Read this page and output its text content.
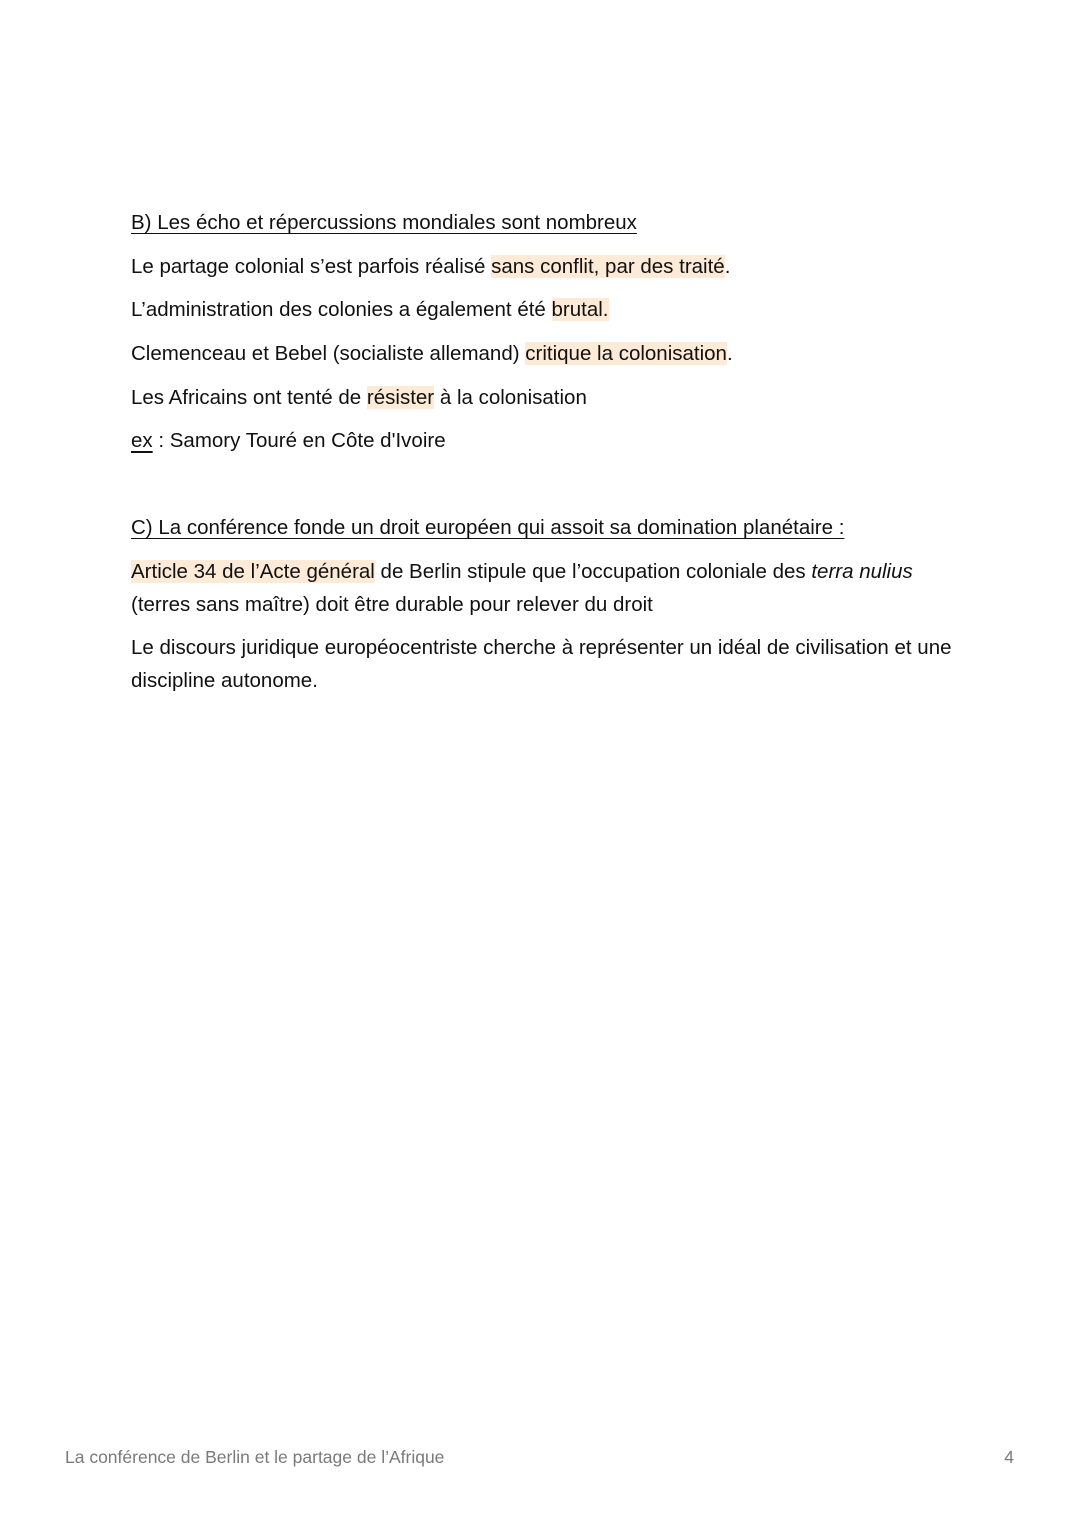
B) Les écho et répercussions mondiales sont nombreux
Le partage colonial s’est parfois réalisé sans conflit, par des traité.
L’administration des colonies a également été brutal.
Clemenceau et Bebel (socialiste allemand) critique la colonisation.
Les Africains ont tenté de résister à la colonisation
ex : Samory Touré en Côte d'Ivoire
C) La conférence fonde un droit européen qui assoit sa domination planétaire :
Article 34 de l’Acte général de Berlin stipule que l’occupation coloniale des terra nulius (terres sans maître) doit être durable pour relever du droit
Le discours juridique européocentriste cherche à représenter un idéal de civilisation et une discipline autonome.
La conférence de Berlin et le partage de l’Afrique	4
